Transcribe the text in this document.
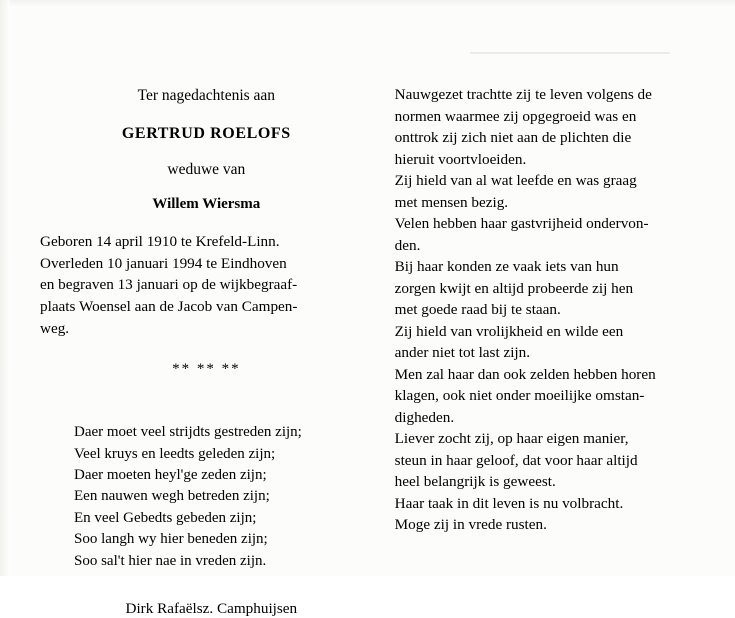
Ter nagedachtenis aan
GERTRUD ROELOFS
weduwe van
Willem Wiersma
Geboren 14 april 1910 te Krefeld-Linn.
Overleden 10 januari 1994 te Eindhoven
en begraven 13 januari op de wijkbegraaf-
plaats Woensel aan de Jacob van Campen-
weg.
** ** **
Daer moet veel strijdts gestreden zijn;
Veel kruys en leedts geleden zijn;
Daer moeten heyl'ge zeden zijn;
Een nauwen wegh betreden zijn;
En veel Gebedts gebeden zijn;
Soo langh wy hier beneden zijn;
Soo sal't hier nae in vreden zijn.
Dirk Rafaëlsz. Camphuijsen
Nauwgezet trachtte zij te leven volgens de
normen waarmee zij opgegroeid was en
onttrok zij zich niet aan de plichten die
hieruit voortvloeiden.
Zij hield van al wat leefde en was graag
met mensen bezig.
Velen hebben haar gastvrijheid ondervon-
den.
Bij haar konden ze vaak iets van hun
zorgen kwijt en altijd probeerde zij hen
met goede raad bij te staan.
Zij hield van vrolijkheid en wilde een
ander niet tot last zijn.
Men zal haar dan ook zelden hebben horen
klagen, ook niet onder moeilijke omstan-
digheden.
Liever zocht zij, op haar eigen manier,
steun in haar geloof, dat voor haar altijd
heel belangrijk is geweest.
Haar taak in dit leven is nu volbracht.
Moge zij in vrede rusten.
